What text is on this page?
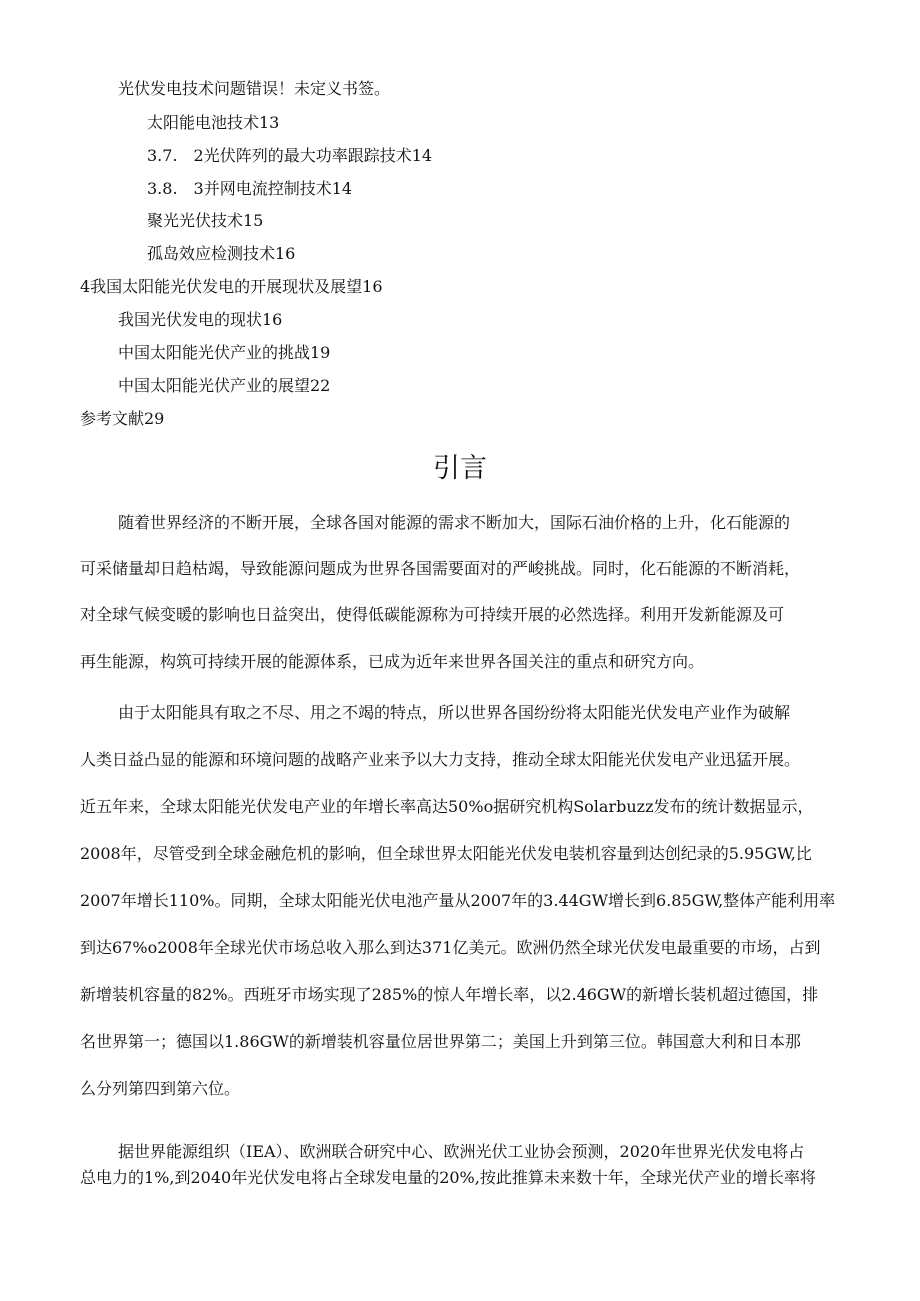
光伏发电技术问题错误！未定义书签。
太阳能电池技术13
3.7.　2光伏阵列的最大功率跟踪技术14
3.8.　3并网电流控制技术14
聚光光伏技术15
孤岛效应检测技术16
4我国太阳能光伏发电的开展现状及展望16
我国光伏发电的现状16
中国太阳能光伏产业的挑战19
中国太阳能光伏产业的展望22
参考文献29
引言
随着世界经济的不断开展，全球各国对能源的需求不断加大，国际石油价格的上升，化石能源的
可采储量却日趋枯竭，导致能源问题成为世界各国需要面对的严峻挑战。同时，化石能源的不断消耗，
对全球气候变暖的影响也日益突出，使得低碳能源称为可持续开展的必然选择。利用开发新能源及可
再生能源，构筑可持续开展的能源体系，已成为近年来世界各国关注的重点和研究方向。
由于太阳能具有取之不尽、用之不竭的特点，所以世界各国纷纷将太阳能光伏发电产业作为破解
人类日益凸显的能源和环境问题的战略产业来予以大力支持，推动全球太阳能光伏发电产业迅猛开展。
近五年来，全球太阳能光伏发电产业的年增长率高达50%o据研究机构Solarbuzz发布的统计数据显示，
2008年，尽管受到全球金融危机的影响，但全球世界太阳能光伏发电装机容量到达创纪录的5.95GW,比
2007年增长110%。同期，全球太阳能光伏电池产量从2007年的3.44GW增长到6.85GW,整体产能利用率
到达67%o2008年全球光伏市场总收入那么到达371亿美元。欧洲仍然全球光伏发电最重要的市场，占到
新增装机容量的82%。西班牙市场实现了285%的惊人年增长率，以2.46GW的新增长装机超过德国，排
名世界第一；德国以1.86GW的新增装机容量位居世界第二；美国上升到第三位。韩国意大利和日本那
么分列第四到第六位。
据世界能源组织（IEA）、欧洲联合研究中心、欧洲光伏工业协会预测，2020年世界光伏发电将占
总电力的1%,到2040年光伏发电将占全球发电量的20%,按此推算未来数十年，全球光伏产业的增长率将
